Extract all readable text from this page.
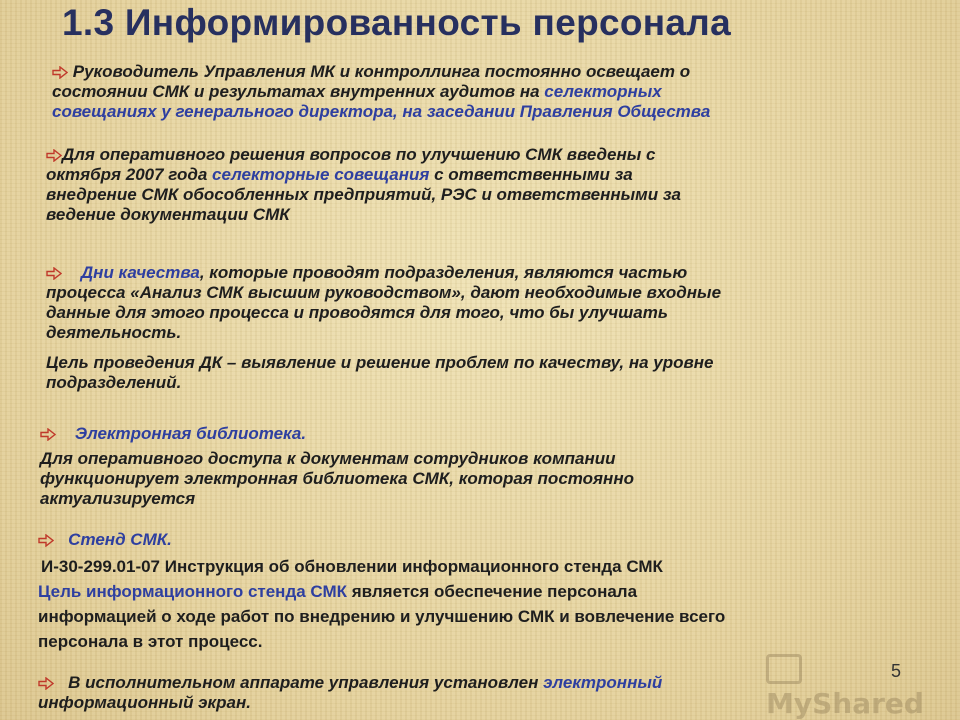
1.3 Информированность персонала

Руководитель Управления МК и контроллинга постоянно освещает о

состоянии СМК и результатах внутренних аудитов на селекторных

совещаниях у генерального директора, на заседании Правления Общества

Для оперативного решения вопросов по улучшению СМК введены с

октября 2007 года селекторные совещания с ответственными за

внедрение СМК обособленных предприятий, РЭС и ответственными за

ведение документации СМК

Дни качества, которые проводят подразделения, являются частью

процесса «Анализ СМК высшим руководством», дают необходимые входные

данные для этого процесса и проводятся для того, что бы улучшать

деятельность.

Цель проведения ДК – выявление и решение проблем по качеству, на уровне

подразделений.

Электронная библиотека.

Для оперативного доступа к документам сотрудников компании

функционирует электронная библиотека СМК, которая постоянно

актуализируется

Стенд СМК.

И-30-299.01-07 Инструкция об обновлении информационного стенда СМК

Цель информационного стенда СМК является обеспечение персонала

информацией о ходе работ по внедрению и улучшению СМК и вовлечение всего

персонала в этот процесс.

В исполнительном аппарате управления установлен электронный

информационный экран.	MyShared
5
